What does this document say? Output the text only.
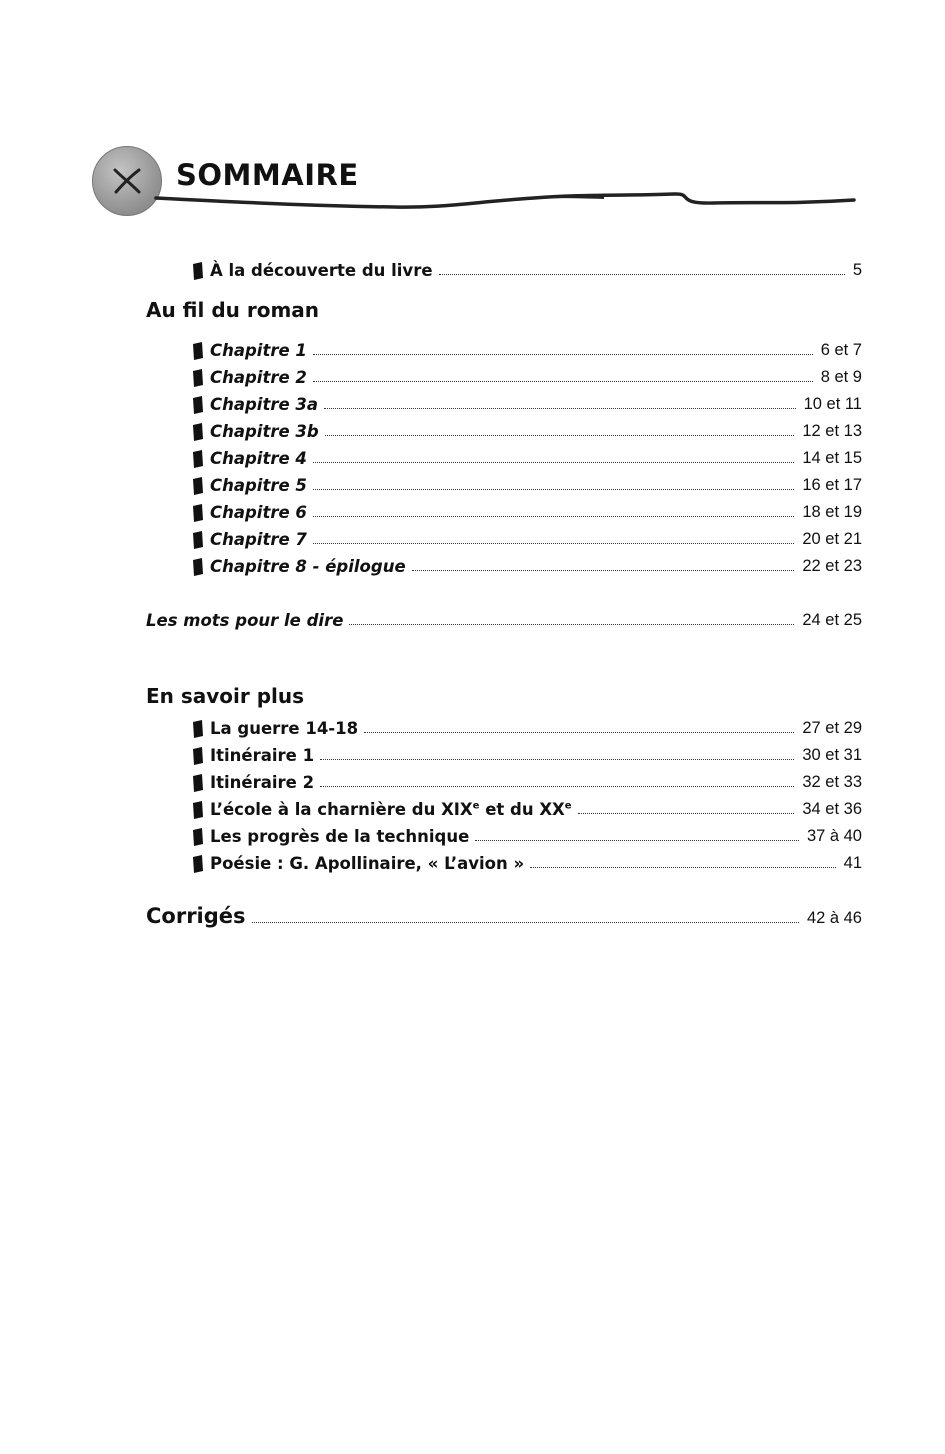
SOMMAIRE
À la découverte du livre	5
Au fil du roman
Chapitre 1	6 et 7
Chapitre 2	8 et 9
Chapitre 3a	10 et 11
Chapitre 3b	12 et 13
Chapitre 4	14 et 15
Chapitre 5	16 et 17
Chapitre 6	18 et 19
Chapitre 7	20 et 21
Chapitre 8 - épilogue	22 et 23
Les mots pour le dire	24 et 25
En savoir plus
La guerre 14-18	27 et 29
Itinéraire 1	30 et 31
Itinéraire 2	32 et 33
L’école à la charnière du XIXe et du XXe	34 et 36
Les progrès de la technique	37 à 40
Poésie : G. Apollinaire, « L’avion »	41
Corrigés	42 à 46
